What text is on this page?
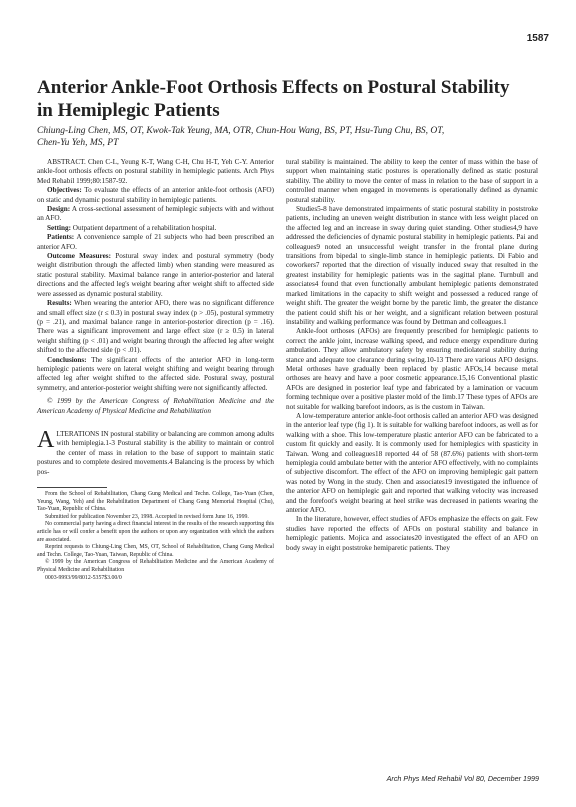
1587
Anterior Ankle-Foot Orthosis Effects on Postural Stability
in Hemiplegic Patients
Chiung-Ling Chen, MS, OT, Kwok-Tak Yeung, MA, OTR, Chun-Hou Wang, BS, PT, Hsu-Tung Chu, BS, OT,
Chen-Yu Yeh, MS, PT

ABSTRACT. Chen C-L, Yeung K-T, Wang C-H, Chu H-T, Yeh C-Y. Anterior ankle-foot orthosis effects on postural stability in hemiplegic patients. Arch Phys Med Rehabil 1999;80:1587-92.

Objectives: To evaluate the effects of an anterior ankle-foot orthosis (AFO) on static and dynamic postural stability in hemiplegic patients.

Design: A cross-sectional assessment of hemiplegic subjects with and without an AFO.

Setting: Outpatient department of a rehabilitation hospital.

Patients: A convenience sample of 21 subjects who had been prescribed an anterior AFO.

Outcome Measures: Postural sway index and postural symmetry (body weight distribution through the affected limb) when standing were measured as static postural stability. Maximal balance range in anterior-posterior and lateral directions and the affected leg's weight bearing after weight shift to affected side were assessed as dynamic postural stability.

Results: When wearing the anterior AFO, there was no significant difference and small effect size (r ≤ 0.3) in postural sway index (p > .05), postural symmetry (p = .21), and maximal balance range in anterior-posterior direction (p = .16). There was a significant improvement and large effect size (r ≥ 0.5) in lateral weight shifting (p < .01) and weight bearing through the affected leg after weight shifted to the affected side (p < .01).

Conclusions: The significant effects of the anterior AFO in long-term hemiplegic patients were on lateral weight shifting and weight bearing through affected leg after weight shifted to the affected side. Postural sway, postural symmetry, and anterior-posterior weight shifting were not significantly affected.

© 1999 by the American Congress of Rehabilitation Medicine and the American Academy of Physical Medicine and Rehabilitation

ALTERATIONS IN postural stability or balancing are common among adults with hemiplegia.1-3 Postural stability is the ability to maintain or control the center of mass in relation to the base of support to maintain static postures and to complete desired movements.4 Balancing is the process by which pos-

From the School of Rehabilitation, Chang Gung Medical and Techn. College, Tao-Yuan (Chen, Yeung, Wang, Yeh) and the Rehabilitation Department of Chang Gung Memorial Hospital (Chu), Tao-Yuan, Republic of China.

Submitted for publication November 23, 1998. Accepted in revised form June 16, 1999.

No commercial party having a direct financial interest in the results of the research supporting this article has or will confer a benefit upon the authors or upon any organization with which the authors are associated.

Reprint requests to Chiung-Ling Chen, MS, OT, School of Rehabilitation, Chang Gung Medical and Techn. College, Tao-Yuan, Taiwan, Republic of China.

© 1999 by the American Congress of Rehabilitation Medicine and the American Academy of Physical Medicine and Rehabilitation

0003-9993/99/8012-5357$3.00/0

tural stability is maintained. The ability to keep the center of mass within the base of support when maintaining static postures is operationally defined as static postural stability. The ability to move the center of mass in relation to the base of support in a controlled manner when engaged in movements is operationally defined as dynamic postural stability.

Studies5-8 have demonstrated impairments of static postural stability in poststroke patients, including an uneven weight distribution in stance with less weight placed on the affected leg and an increase in sway during quiet standing. Other studies4,9 have addressed the deficiencies of dynamic postural stability in hemiplegic patients. Pai and colleagues9 noted an unsuccessful weight transfer in the frontal plane during transitions from bipedal to single-limb stance in hemiplegic patients. Di Fabio and coworkers7 reported that the direction of visually induced sway that resulted in the greatest instability for hemiplegic patients was in the sagittal plane. Turnbull and associates4 found that even functionally ambulant hemiplegic patients demonstrated marked limitations in the capacity to shift weight and possessed a reduced range of weight shift. The greater the weight borne by the paretic limb, the greater the distance the patient could shift his or her weight, and a significant relation between postural instability and walking performance was found by Dettman and colleagues.1

Ankle-foot orthoses (AFOs) are frequently prescribed for hemiplegic patients to correct the ankle joint, increase walking speed, and reduce energy expenditure during ambulation. They allow ambulatory safety by ensuring mediolateral stability during stance and adequate toe clearance during swing.10-13 There are various AFO designs. Metal orthoses have gradually been replaced by plastic AFOs,14 because metal orthoses are heavy and have a poor cosmetic appearance.15,16 Conventional plastic AFOs are designed in posterior leaf type and fabricated by a lamination or vacuum forming technique over a positive plaster mold of the limb.17 These types of AFOs are not suitable for walking barefoot indoors, as is the custom in Taiwan.

A low-temperature anterior ankle-foot orthosis called an anterior AFO was designed in the anterior leaf type (fig 1). It is suitable for walking barefoot indoors, as well as for walking with a shoe. This low-temperature plastic anterior AFO can be fabricated to a custom fit quickly and easily. It is commonly used for hemiplegics with spasticity in Taiwan. Wong and colleagues18 reported 44 of 58 (87.6%) patients with short-term hemiplegia could ambulate better with the anterior AFO effectively, with no complaints of subjective discomfort. The effect of the AFO on improving hemiplegic gait pattern was noted by Wong in the study. Chen and associates19 investigated the influence of the anterior AFO on hemiplegic gait and reported that walking velocity was increased and the forefoot's weight bearing at heel strike was decreased in patients wearing the anterior AFO.

In the literature, however, effect studies of AFOs emphasize the effects on gait. Few studies have reported the effects of AFOs on postural stability and balance in hemiplegic patients. Mojica and associates20 investigated the effect of an AFO on body sway in eight poststroke hemiparetic patients. They

Arch Phys Med Rehabil Vol 80, December 1999
